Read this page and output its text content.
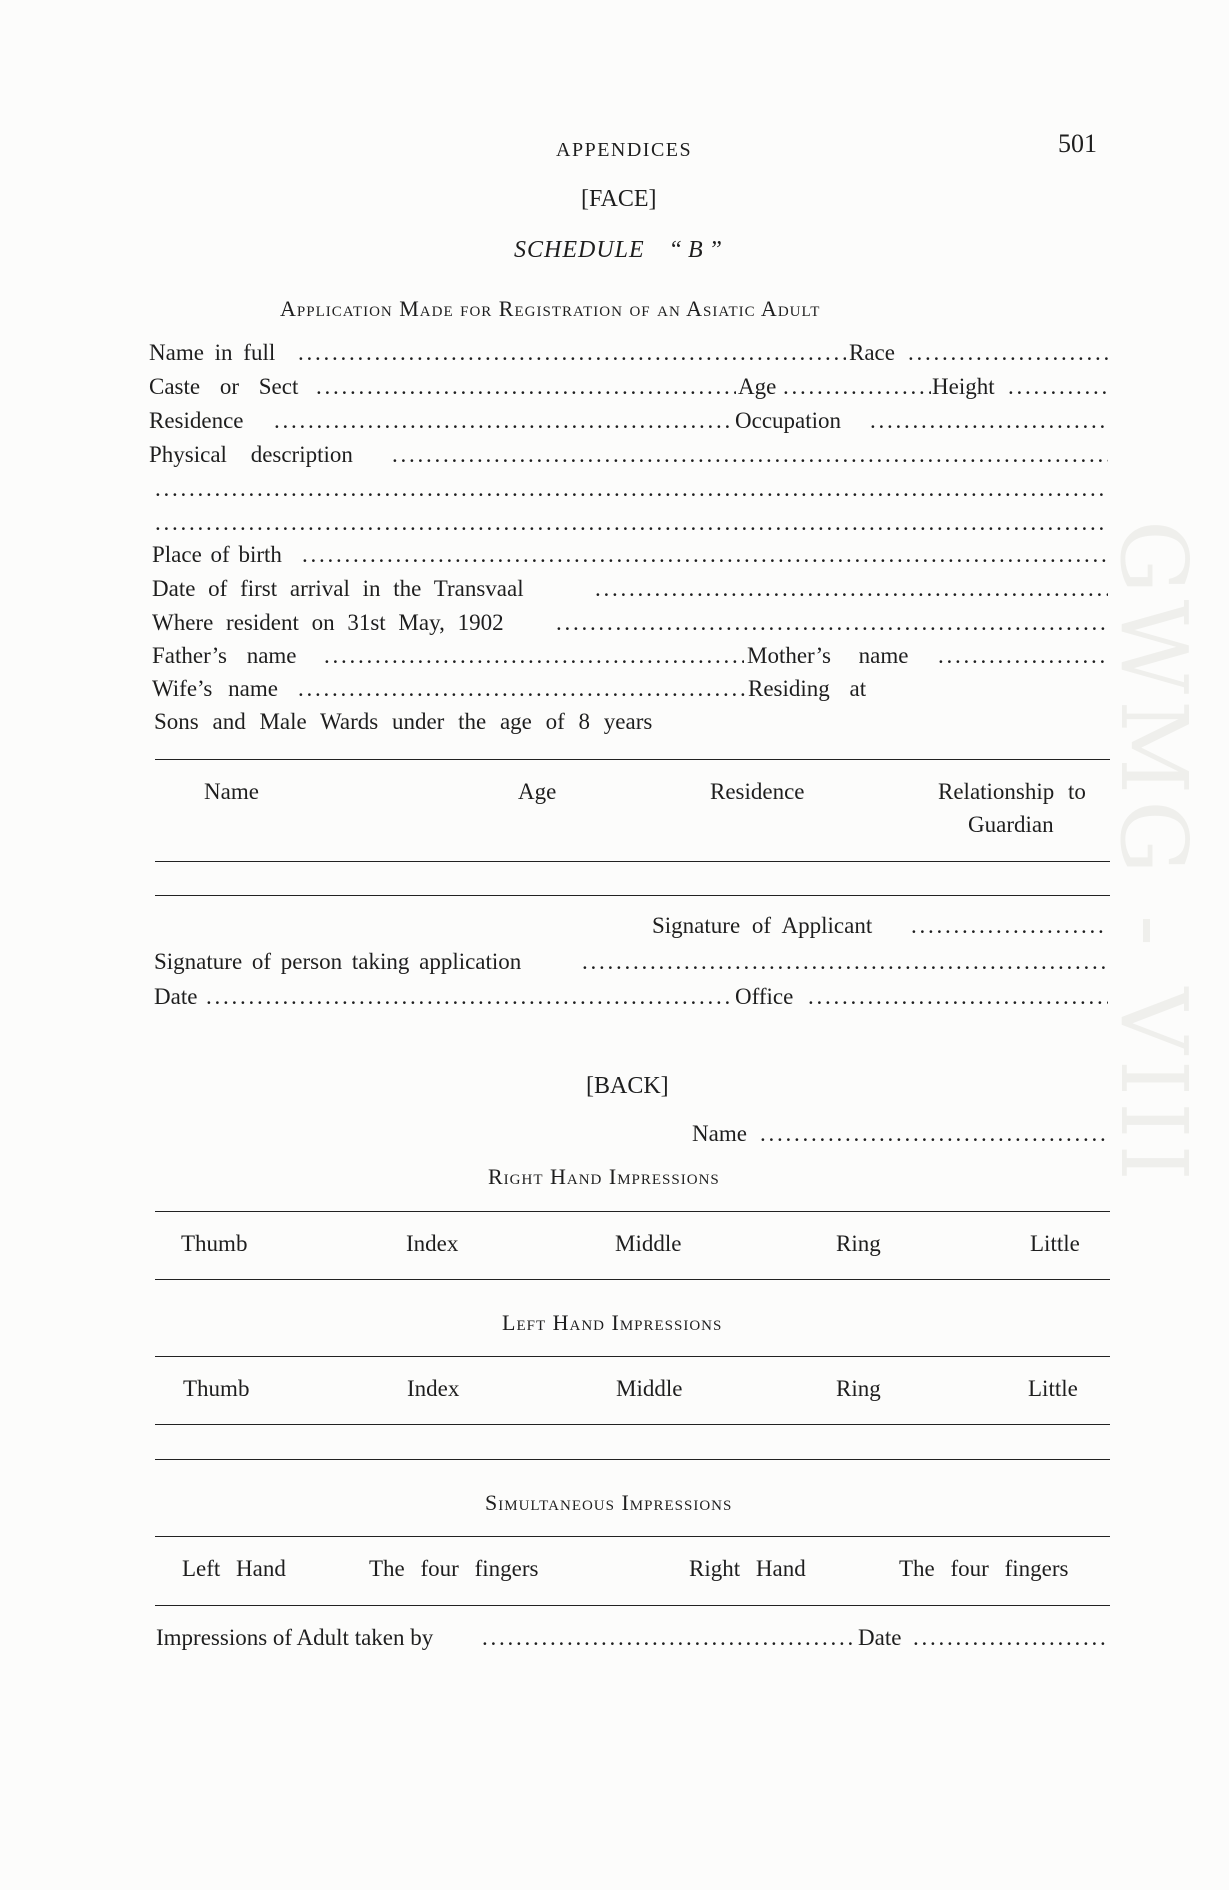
APPENDICES	501
[FACE]
SCHEDULE “ B ”
Application Made for Registration of an Asiatic Adult
Name in full . . .	Race
. . .
Caste or Sect . . .	Age . . .	Height
. . .
Residence . . .	Occupation
. . .
Physical description
. . .
. . .
. . .
Place of birth
. . .
Date of first arrival in the Transvaal
. . .
Where resident on 31st May, 1902
. . .
Father’s name . . .	Mother’s name
. . .
Wife’s name . . .	Residing at
Sons and Male Wards under the age of 8 years
Name	Age	Residence	Relationship to
Guardian
Signature of Applicant
. . .
Signature of person taking application
. . .
Date . . .	Office
. . .
[BACK]
Name
. . .
Right Hand Impressions
Thumb	Index	Middle	Ring	Little
Left Hand Impressions
Thumb	Index	Middle	Ring	Little
Simultaneous Impressions
Left Hand	The four fingers	Right Hand	The four fingers
Impressions of Adult taken by . . .	Date
. . .
GWMG - VIII
